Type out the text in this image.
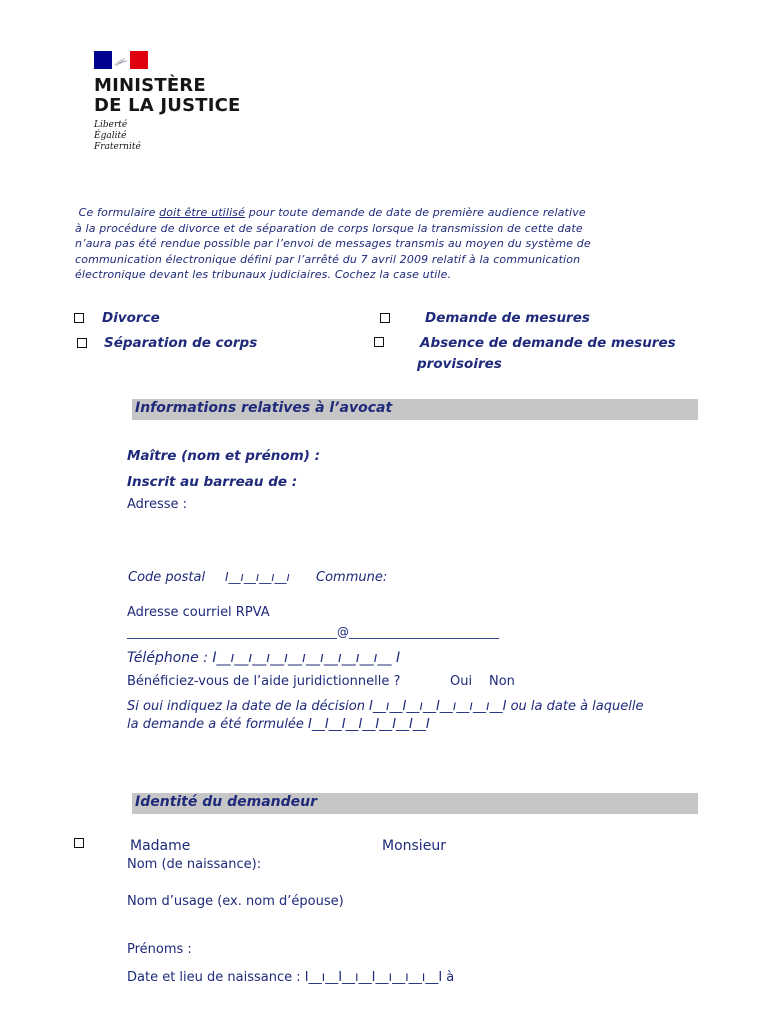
MINISTÈRE
DE LA JUSTICE
Liberté
Égalité
Fraternité
Ce formulaire doit être utilisé pour toute demande de date de première audience relative
à la procédure de divorce et de séparation de corps lorsque la transmission de cette date
n’aura pas été rendue possible par l’envoi de messages transmis au moyen du système de
communication électronique défini par l’arrêté du 7 avril 2009 relatif à la communication
électronique devant les tribunaux judiciaires. Cochez la case utile.
Divorce	Demande de mesures
Séparation de corps	Absence de demande de mesures
provisoires
Informations relatives à l’avocat
Maître (nom et prénom) :
Inscrit au barreau de :
Adresse :
Code postal I__ı__ı__ı__ı Commune:
Adresse courriel RPVA
___________________________________@_________________________
Téléphone : I__ı__ı__ı__ı__ı__ı__ı__ı__ı__ I
Bénéficiez-vous de l’aide juridictionnelle ?	Oui Non
Si oui indiquez la date de la décision I__ı__I__ı__I__ı__ı__ı__I ou la date à laquelle
la demande a été formulée I__I__I__I__I__I__I__I
Identité du demandeur
Madame	Monsieur
Nom (de naissance):
Nom d’usage (ex. nom d’épouse)
Prénoms :
Date et lieu de naissance : I__ı__I__ı__I__ı__ı__ı__I à
